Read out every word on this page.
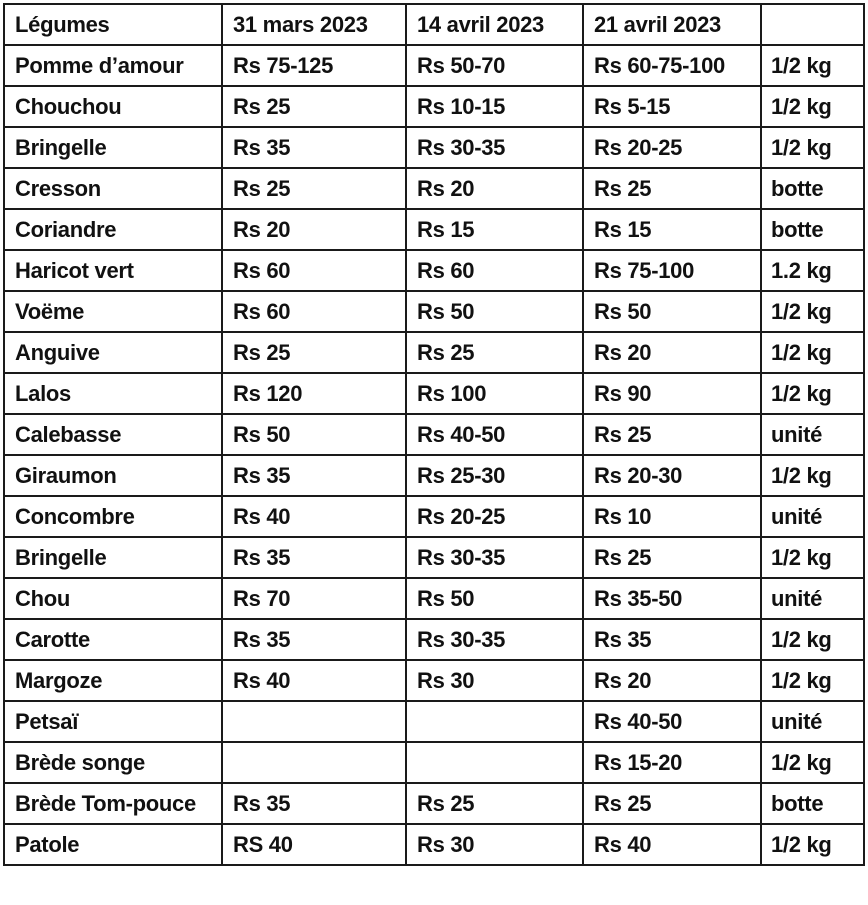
Légumes	31 mars 2023	14 avril 2023	21 avril 2023	
Pomme d’amour	Rs 75-125	Rs 50-70	Rs 60-75-100	1/2 kg
Chouchou	Rs 25	Rs 10-15	Rs 5-15	1/2 kg
Bringelle	Rs 35	Rs 30-35	Rs 20-25	1/2 kg
Cresson	Rs 25	Rs 20	Rs 25	botte
Coriandre	Rs 20	Rs 15	Rs 15	botte
Haricot vert	Rs 60	Rs 60	Rs 75-100	1.2 kg
Voëme	Rs 60	Rs 50	Rs 50	1/2 kg
Anguive	Rs 25	Rs 25	Rs 20	1/2 kg
Lalos	Rs 120	Rs 100	Rs 90	1/2 kg
Calebasse	Rs 50	Rs 40-50	Rs 25	unité
Giraumon	Rs 35	Rs 25-30	Rs 20-30	1/2 kg
Concombre	Rs 40	Rs 20-25	Rs 10	unité
Bringelle	Rs 35	Rs 30-35	Rs 25	1/2 kg
Chou	Rs 70	Rs 50	Rs 35-50	unité
Carotte	Rs 35	Rs 30-35	Rs 35	1/2 kg
Margoze	Rs 40	Rs 30	Rs 20	1/2 kg
Petsaï			Rs 40-50	unité
Brède songe			Rs 15-20	1/2 kg
Brède Tom-pouce	Rs 35	Rs 25	Rs 25	botte
Patole	RS 40	Rs 30	Rs 40	1/2 kg
